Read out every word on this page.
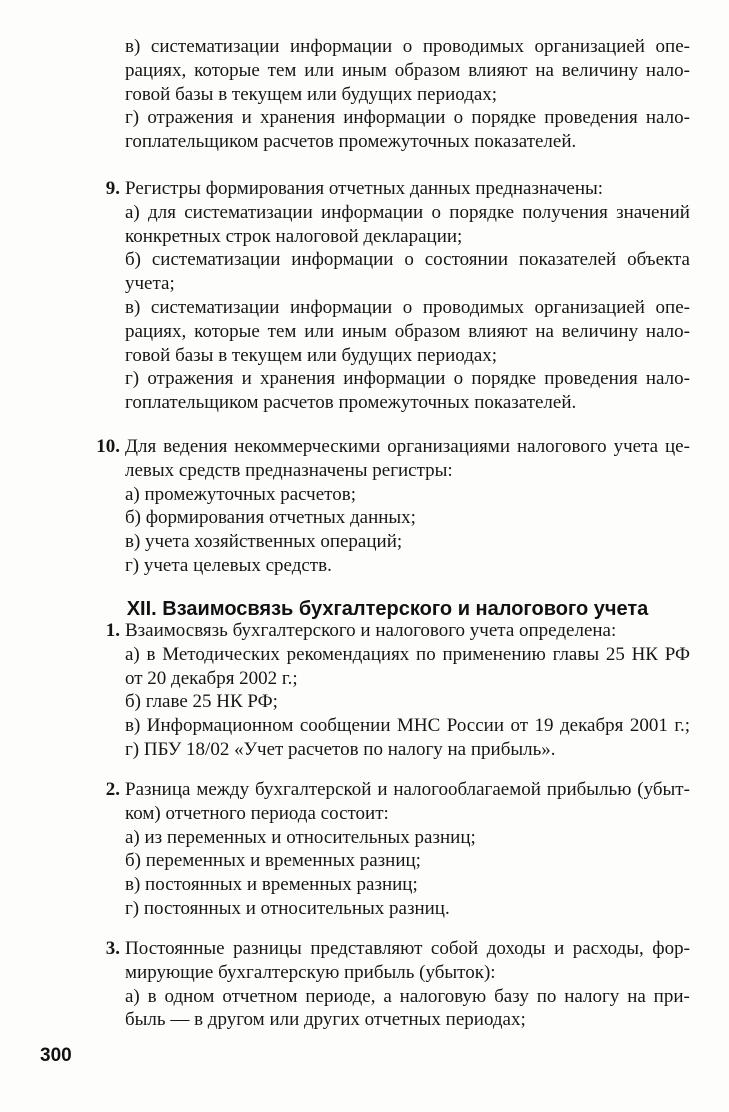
в) систематизации информации о проводимых организацией опе-
рациях, которые тем или иным образом влияют на величину нало-
говой базы в текущем или будущих периодах;
г) отражения и хранения информации о порядке проведения нало-
гоплательщиком расчетов промежуточных показателей.
9. Регистры формирования отчетных данных предназначены:
а) для систематизации информации о порядке получения значений
конкретных строк налоговой декларации;
б) систематизации информации о состоянии показателей объекта
учета;
в) систематизации информации о проводимых организацией опе-
рациях, которые тем или иным образом влияют на величину нало-
говой базы в текущем или будущих периодах;
г) отражения и хранения информации о порядке проведения нало-
гоплательщиком расчетов промежуточных показателей.
10. Для ведения некоммерческими организациями налогового учета це-
левых средств предназначены регистры:
а) промежуточных расчетов;
б) формирования отчетных данных;
в) учета хозяйственных операций;
г) учета целевых средств.
1. Взаимосвязь бухгалтерского и налогового учета определена:
а) в Методических рекомендациях по применению главы 25 НК РФ
от 20 декабря 2002 г.;
б) главе 25 НК РФ;
в) Информационном сообщении МНС России от 19 декабря 2001 г.;
г) ПБУ 18/02 «Учет расчетов по налогу на прибыль».
2. Разница между бухгалтерской и налогооблагаемой прибылью (убыт-
ком) отчетного периода состоит:
а) из переменных и относительных разниц;
б) переменных и временных разниц;
в) постоянных и временных разниц;
г) постоянных и относительных разниц.
3. Постоянные разницы представляют собой доходы и расходы, фор-
мирующие бухгалтерскую прибыль (убыток):
а) в одном отчетном периоде, а налоговую базу по налогу на при-
быль — в другом или других отчетных периодах;
XII. Взаимосвязь бухгалтерского и налогового учета
300
